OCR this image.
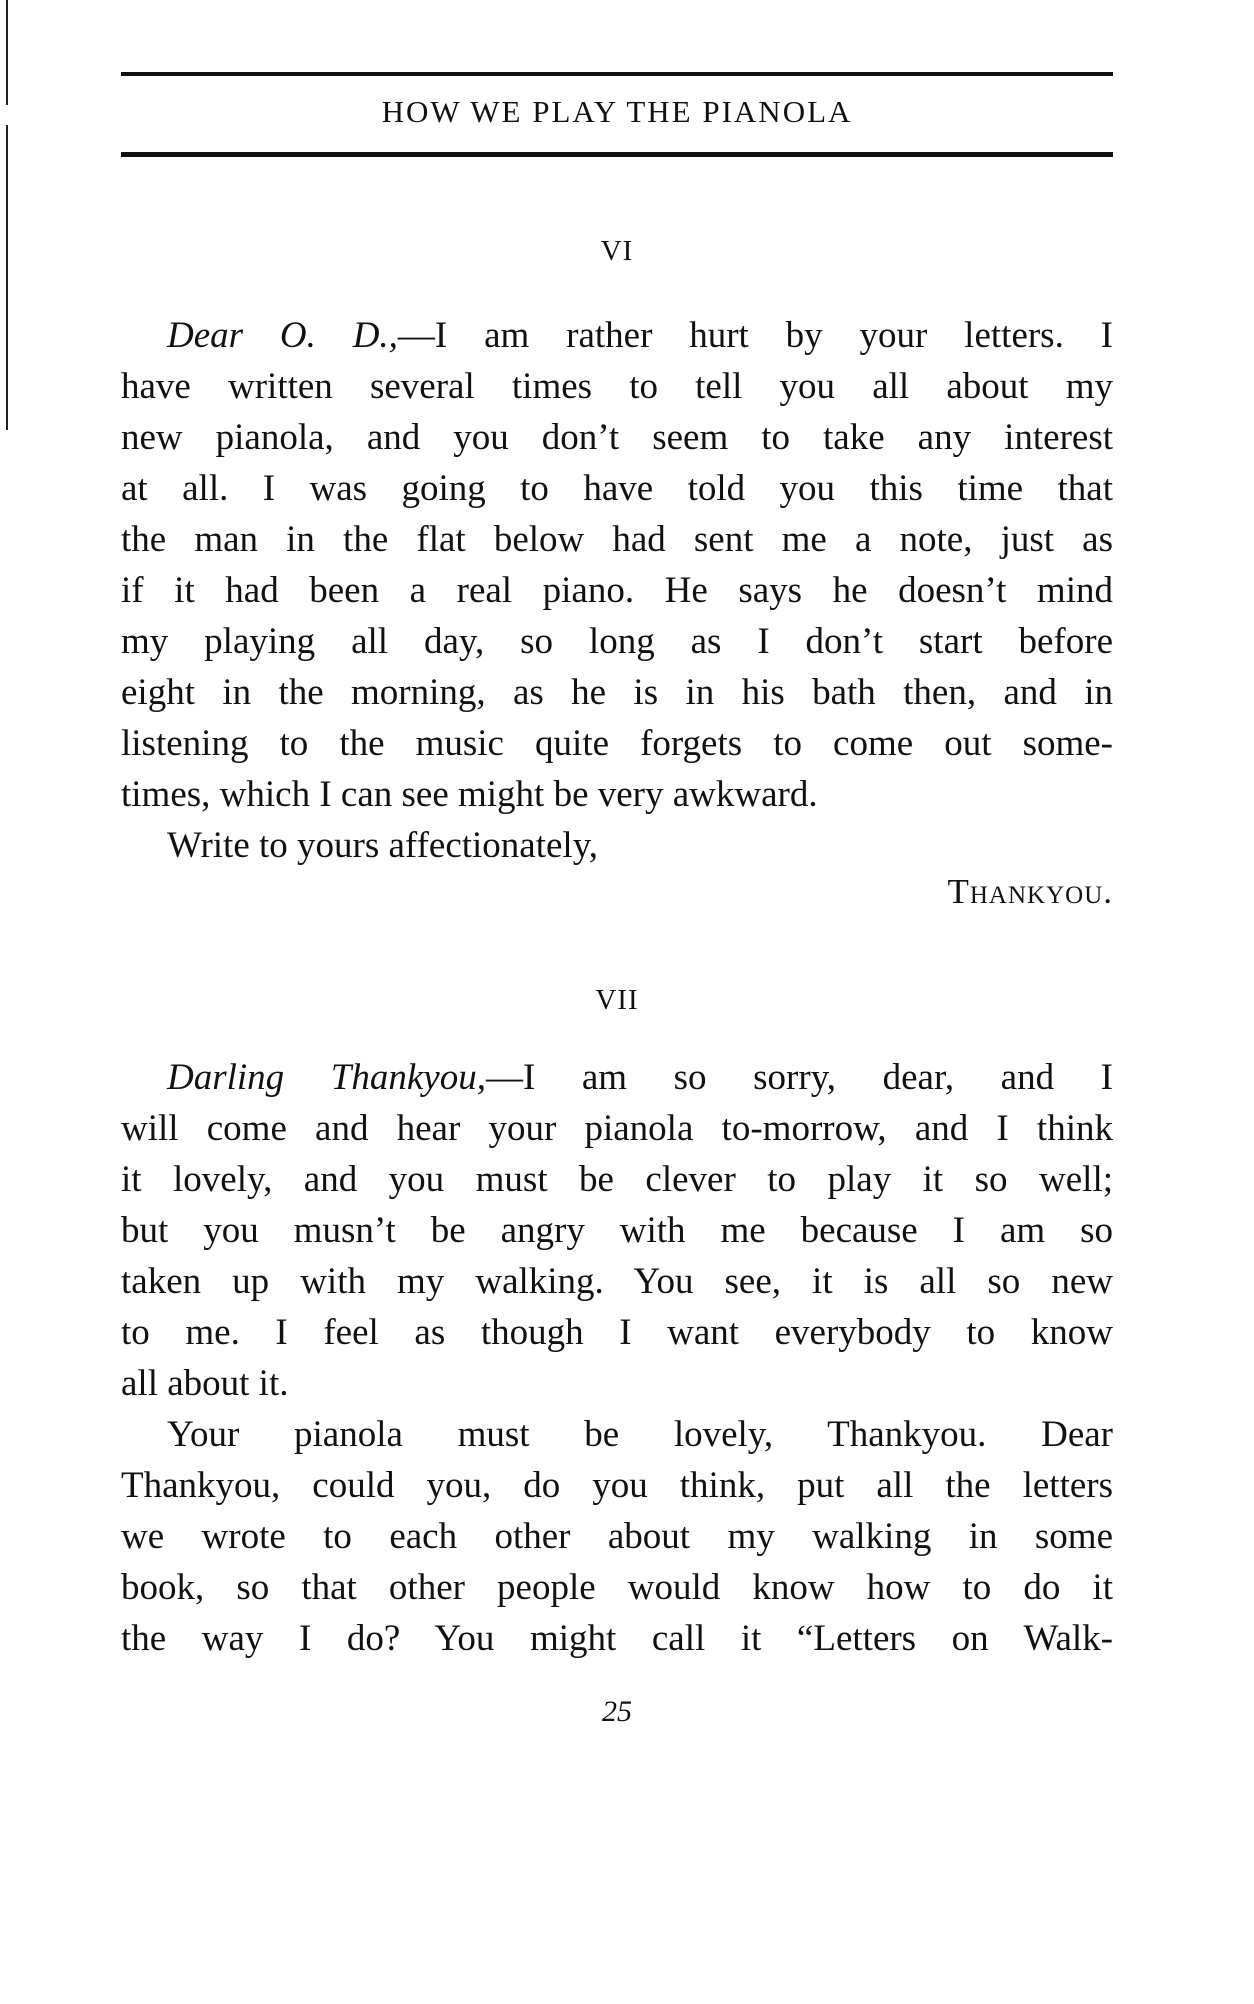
HOW WE PLAY THE PIANOLA
VI
Dear O. D.,—I am rather hurt by your letters. I
have written several times to tell you all about my
new pianola, and you don’t seem to take any interest
at all. I was going to have told you this time that
the man in the flat below had sent me a note, just as
if it had been a real piano. He says he doesn’t mind
my playing all day, so long as I don’t start before
eight in the morning, as he is in his bath then, and in
listening to the music quite forgets to come out some-
times, which I can see might be very awkward.
Write to yours affectionately,
Thankyou.
VII
Darling Thankyou,—I am so sorry, dear, and I
will come and hear your pianola to-morrow, and I think
it lovely, and you must be clever to play it so well;
but you musn’t be angry with me because I am so
taken up with my walking. You see, it is all so new
to me. I feel as though I want everybody to know
all about it.
Your pianola must be lovely, Thankyou. Dear
Thankyou, could you, do you think, put all the letters
we wrote to each other about my walking in some
book, so that other people would know how to do it
the way I do? You might call it “Letters on Walk-
25
